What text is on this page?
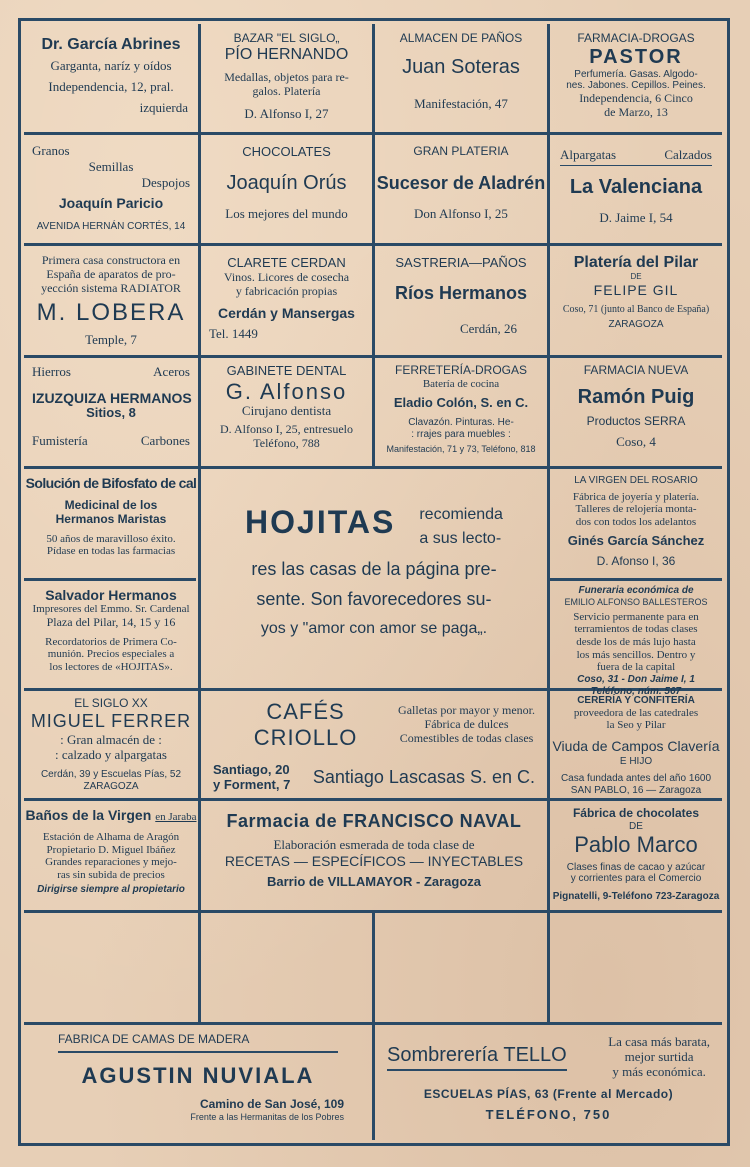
Dr. García Abrines
Garganta, naríz y oídos
Independencia, 12, pral.
izquierda
BAZAR "EL SIGLO„
PÍO HERNANDO
Medallas, objetos para re-
galos. Platería
D. Alfonso I, 27
ALMACEN DE PAÑOS
Juan Soteras
Manifestación, 47
FARMACIA-DROGAS
PASTOR
Perfumería. Gasas. Algodo-
nes. Jabones. Cepillos. Peines.
Independencia, 6 Cinco
de Marzo, 13
Granos
Semillas
Despojos
Joaquín Paricio
AVENIDA HERNÁN CORTÉS, 14
CHOCOLATES
Joaquín Orús
Los mejores del mundo
GRAN PLATERIA
Sucesor de Aladrén
Don Alfonso I, 25
Alpargatas	Calzados
La Valenciana
D. Jaime I, 54
Primera casa constructora en
España de aparatos de pro-
yección sistema RADIATOR
M. LOBERA
Temple, 7
CLARETE CERDAN
Vinos. Licores de cosecha
y fabricación propias
Cerdán y Mansergas
Tel. 1449
SASTRERIA—PAÑOS
Ríos Hermanos
Cerdán, 26
Platería del Pilar
DE
FELIPE GIL
Coso, 71 (junto al Banco de España)
ZARAGOZA
Hierros	Aceros
IZUZQUIZA HERMANOS
Sitios, 8
Fumistería	Carbones
GABINETE DENTAL
G. Alfonso
Cirujano dentista
D. Alfonso I, 25, entresuelo
Teléfono, 788
FERRETERÍA-DROGAS
Batería de cocina
Eladio Colón, S. en C.
Clavazón. Pinturas. He-
: rrajes para muebles :
Manifestación, 71 y 73, Teléfono, 818
FARMACIA NUEVA
Ramón Puig
Productos SERRA
Coso, 4
Solución de Bifosfato de cal
Medicinal de los
Hermanos Maristas
50 años de maravilloso éxito.
Pídase en todas las farmacias
HOJITAS recomienda
a sus lecto-
res las casas de la página pre-
sente. Son favorecedores su-
yos y "amor con amor se paga„.
LA VIRGEN DEL ROSARIO
Fábrica de joyería y platería.
Talleres de relojería monta-
dos con todos los adelantos
Ginés García Sánchez
D. Afonso I, 36
Salvador Hermanos
Impresores del Emmo. Sr. Cardenal
Plaza del Pilar, 14, 15 y 16
Recordatorios de Primera Co-
munión. Precios especiales a
los lectores de «HOJITAS».
Funeraria económica de
EMILIO ALFONSO BALLESTEROS
Servicio permanente para en
terramientos de todas clases
desde los de más lujo hasta
los más sencillos. Dentro y
fuera de la capital
Coso, 31 - Don Jaime I, 1
Teléfono, núm. 567
EL SIGLO XX
MIGUEL FERRER
: Gran almacén de :
: calzado y alpargatas
Cerdán, 39 y Escuelas Pías, 52
ZARAGOZA
CAFÉS CRIOLLO
Galletas por mayor y menor.
Fábrica de dulces
Comestibles de todas clases
Santiago, 20
y Forment, 7 Santiago Lascasas S. en C.
CERERÍA Y CONFITERÍA
proveedora de las catedrales
la Seo y Pilar
Viuda de Campos Clavería
E HIJO
Casa fundada antes del año 1600
SAN PABLO, 16 — Zaragoza
Baños de la Virgen en Jaraba
Estación de Alhama de Aragón
Propietario D. Miguel Ibáñez
Grandes reparaciones y mejo-
ras sin subida de precios
Dirigirse siempre al propietario
Farmacia de FRANCISCO NAVAL
Elaboración esmerada de toda clase de
RECETAS — ESPECÍFICOS — INYECTABLES
Barrio de VILLAMAYOR - Zaragoza
Fábrica de chocolates
DE
Pablo Marco
Clases finas de cacao y azúcar
y corrientes para el Comercio
Pignatelli, 9-Teléfono 723-Zaragoza
FABRICA DE CAMAS DE MADERA
AGUSTIN NUVIALA
Camino de San José, 109
Frente a las Hermanitas de los Pobres
Sombrerería TELLO
La casa más barata,
mejor surtida
y más económica.
ESCUELAS PÍAS, 63 (Frente al Mercado)
TELÉFONO, 750
